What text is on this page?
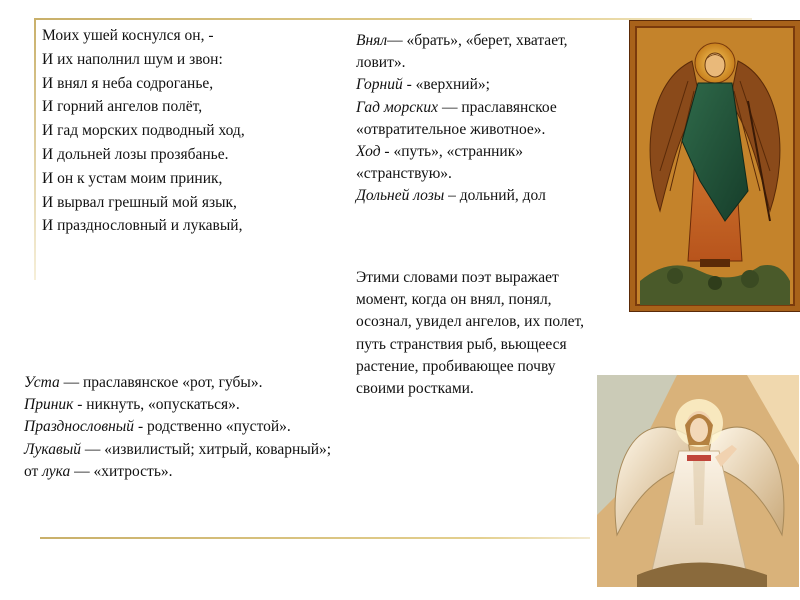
Моих ушей коснулся он, -
И их наполнил шум и звон:
И внял я неба содроганье,
И горний ангелов полёт,
И гад морских подводный ход,
И дольней лозы прозябанье.
И он к устам моим приник,
И вырвал грешный мой язык,
И празднословный и лукавый,

Внял— «брать», «берет, хватает, ловит».

Горний - «верхний»;

Гад морских — праславянское «отвратительное животное».

Ход - «путь», «странник» «странствую».

Дольней лозы – дольний, дол

Этими словами поэт выражает момент, когда он внял, понял, осознал, увидел ангелов, их полет, путь странствия рыб, вьющееся растение, пробивающее почву своими ростками.

Уста — праславянское «рот, губы».

Приник - никнуть, «опускаться».

Празднословный - родственно «пустой».

Лукавый — «извилистый; хитрый, коварный»; от лука — «хитрость».
